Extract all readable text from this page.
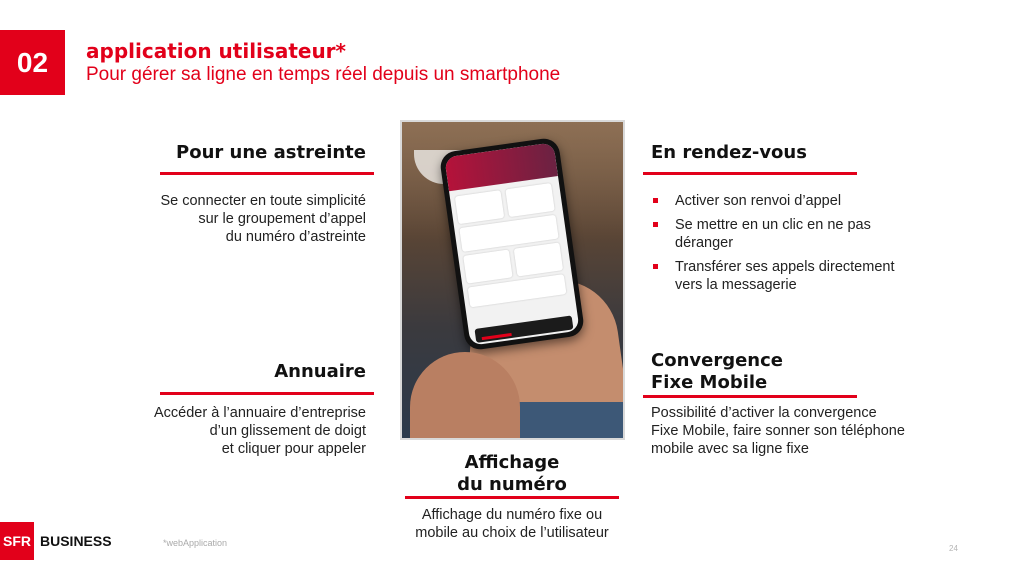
02	application utilisateur*
Pour gérer sa ligne en temps réel depuis un smartphone
Pour une astreinte
Se connecter en toute simplicité
sur le groupement d’appel
du numéro d’astreinte
Annuaire
Accéder à l’annuaire d’entreprise
d’un glissement de doigt
et cliquer pour appeler
En rendez-vous
Activer son renvoi d’appel
Se mettre en un clic en ne pas
déranger
Transférer ses appels directement
vers la messagerie
Convergence
Fixe Mobile
Possibilité d’activer la convergence
Fixe Mobile, faire sonner son téléphone
mobile avec sa ligne fixe
Affichage
du numéro
Affichage du numéro fixe ou
mobile au choix de l’utilisateur
SFR BUSINESS	*webApplication
24
